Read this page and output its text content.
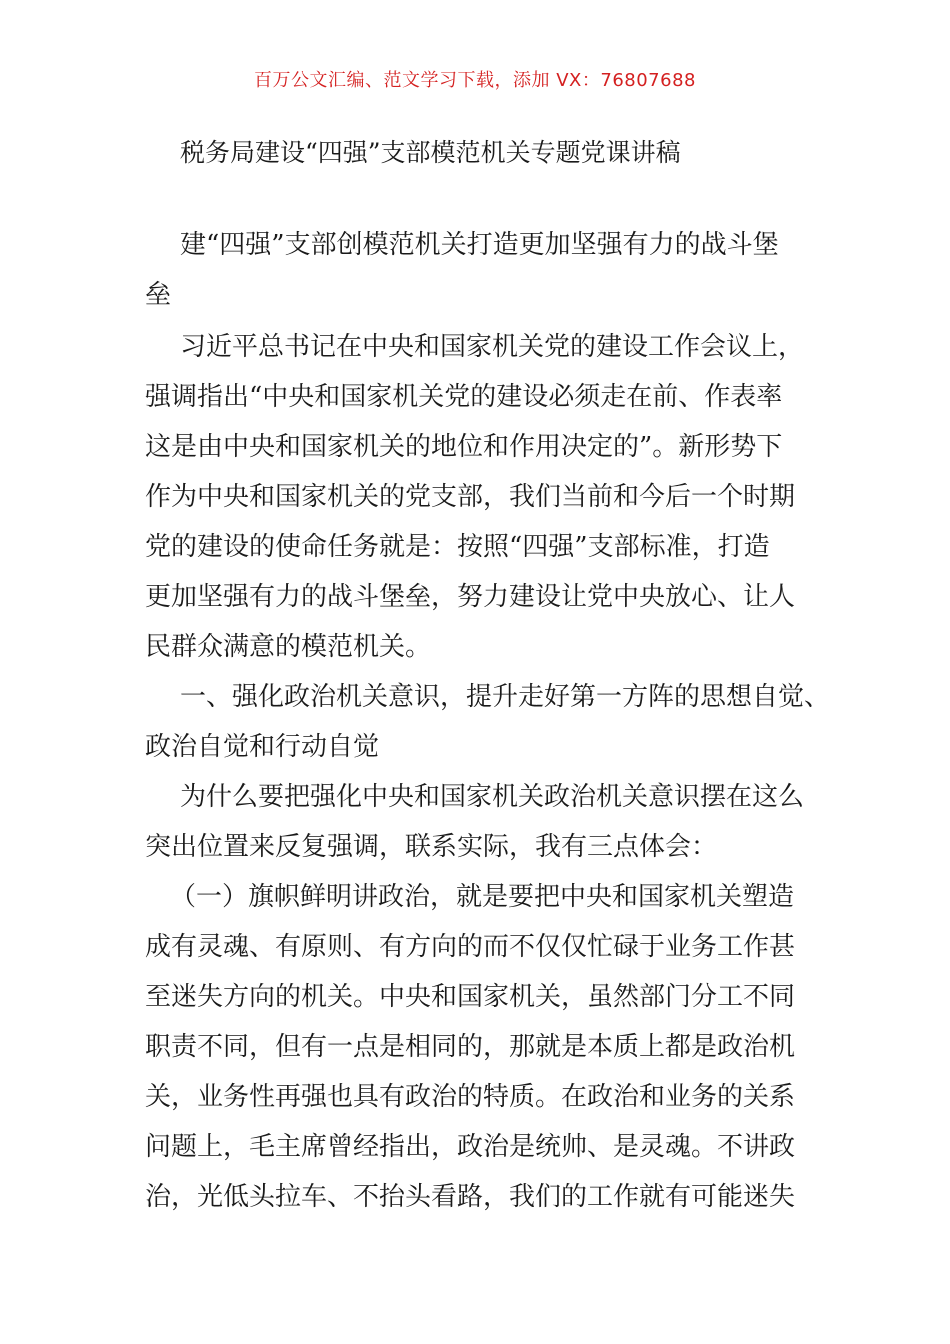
百万公文汇编、范文学习下载，添加 VX：76807688
税务局建设“四强”支部模范机关专题党课讲稿
建“四强”支部创模范机关打造更加坚强有力的战斗堡
垒
习近平总书记在中央和国家机关党的建设工作会议上，
强调指出“中央和国家机关党的建设必须走在前、作表率
这是由中央和国家机关的地位和作用决定的”。新形势下
作为中央和国家机关的党支部，我们当前和今后一个时期
党的建设的使命任务就是：按照“四强”支部标准，打造
更加坚强有力的战斗堡垒，努力建设让党中央放心、让人
民群众满意的模范机关。
一、强化政治机关意识，提升走好第一方阵的思想自觉、
政治自觉和行动自觉
为什么要把强化中央和国家机关政治机关意识摆在这么
突出位置来反复强调，联系实际，我有三点体会：
（一）旗帜鲜明讲政治，就是要把中央和国家机关塑造
成有灵魂、有原则、有方向的而不仅仅忙碌于业务工作甚
至迷失方向的机关。中央和国家机关，虽然部门分工不同
职责不同，但有一点是相同的，那就是本质上都是政治机
关，业务性再强也具有政治的特质。在政治和业务的关系
问题上，毛主席曾经指出，政治是统帅、是灵魂。不讲政
治，光低头拉车、不抬头看路，我们的工作就有可能迷失
